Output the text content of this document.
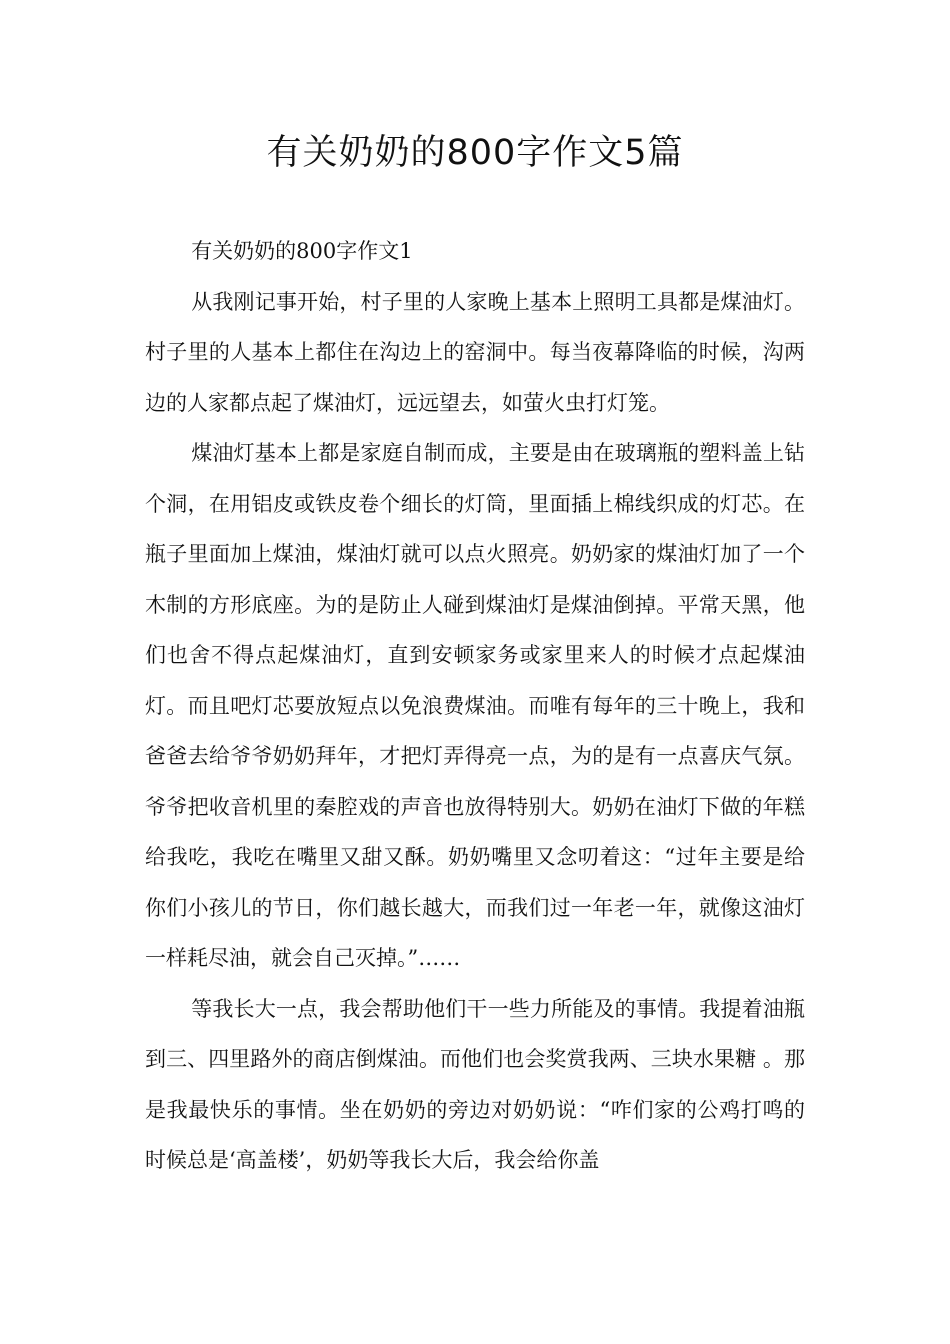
有关奶奶的800字作文5篇

有关奶奶的800字作文1

从我刚记事开始，村子里的人家晚上基本上照明工具都是煤油灯。村子里的人基本上都住在沟边上的窑洞中。每当夜幕降临的时候，沟两边的人家都点起了煤油灯，远远望去，如萤火虫打灯笼。

煤油灯基本上都是家庭自制而成，主要是由在玻璃瓶的塑料盖上钻个洞，在用铝皮或铁皮卷个细长的灯筒，里面插上棉线织成的灯芯。在瓶子里面加上煤油，煤油灯就可以点火照亮。奶奶家的煤油灯加了一个木制的方形底座。为的是防止人碰到煤油灯是煤油倒掉。平常天黑，他们也舍不得点起煤油灯，直到安顿家务或家里来人的时候才点起煤油灯。而且吧灯芯要放短点以免浪费煤油。而唯有每年的三十晚上，我和爸爸去给爷爷奶奶拜年，才把灯弄得亮一点，为的是有一点喜庆气氛。爷爷把收音机里的秦腔戏的声音也放得特别大。奶奶在油灯下做的年糕给我吃，我吃在嘴里又甜又酥。奶奶嘴里又念叨着这：“过年主要是给你们小孩儿的节日，你们越长越大，而我们过一年老一年，就像这油灯一样耗尽油，就会自己灭掉。”……

等我长大一点，我会帮助他们干一些力所能及的事情。我提着油瓶到三、四里路外的商店倒煤油。而他们也会奖赏我两、三块水果糖 。那是我最快乐的事情。坐在奶奶的旁边对奶奶说：“咋们家的公鸡打鸣的时候总是‘高盖楼’，奶奶等我长大后，我会给你盖
